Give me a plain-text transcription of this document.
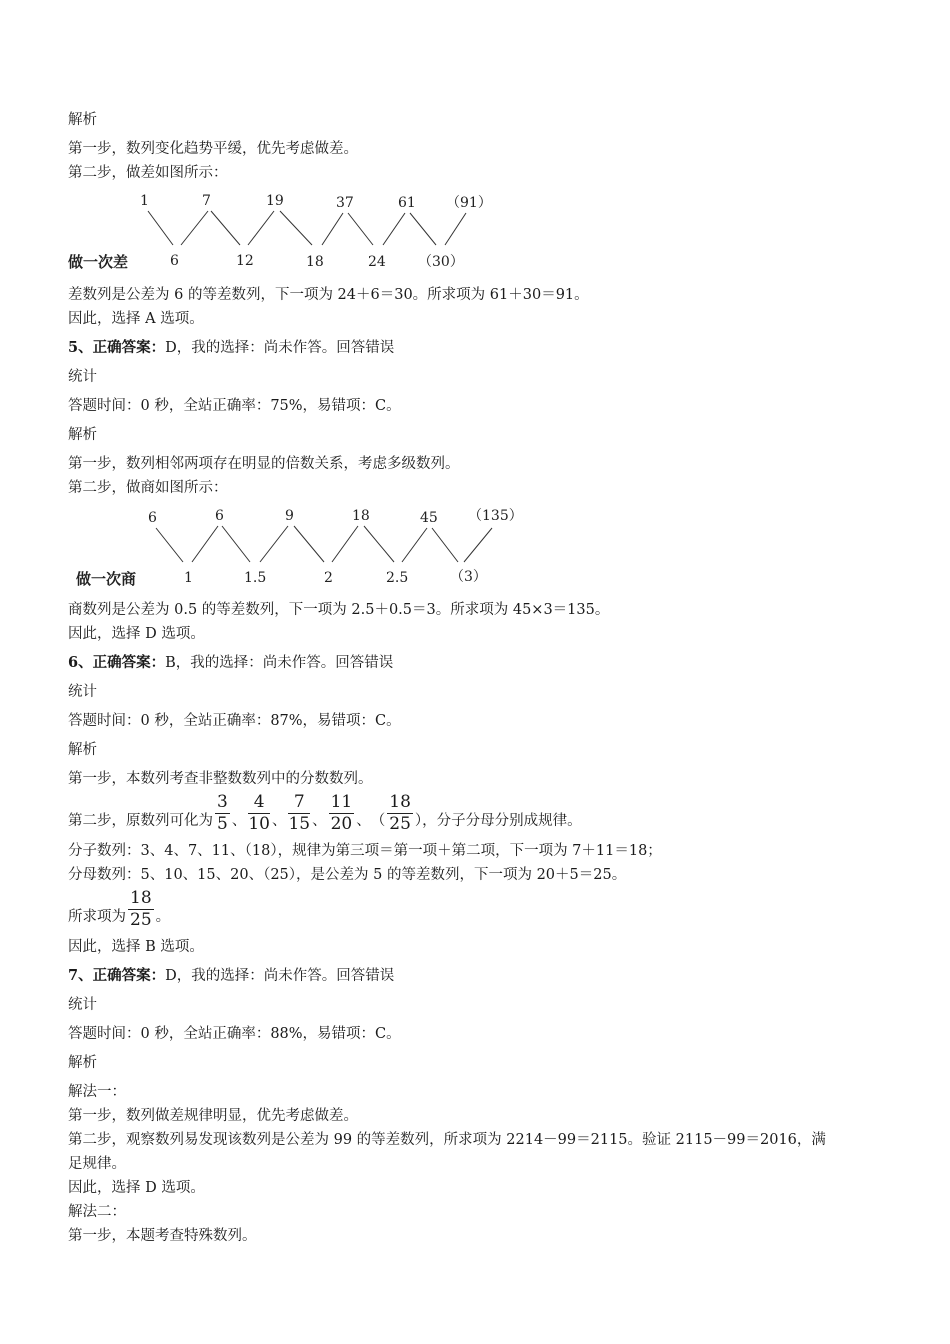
解析
第一步，数列变化趋势平缓，优先考虑做差。
第二步，做差如图所示：
1	7	19	37	61 （91）
做一次差	6	12	18	24 （30）
差数列是公差为 6 的等差数列，下一项为 24＋6＝30。所求项为 61＋30＝91。
因此，选择 A 选项。
5、正确答案：D，我的选择：尚未作答。回答错误
统计
答题时间：0 秒，全站正确率：75%，易错项：C。
解析
第一步，数列相邻两项存在明显的倍数关系，考虑多级数列。
第二步，做商如图所示：
6	6	9	18	45 （135）
做一次商	1	1.5	2	2.5	（3）
商数列是公差为 0.5 的等差数列，下一项为 2.5＋0.5＝3。所求项为 45×3＝135。
因此，选择 D 选项。
6、正确答案：B，我的选择：尚未作答。回答错误
统计
答题时间：0 秒，全站正确率：87%，易错项：C。
解析
第一步，本数列考查非整数数列中的分数数列。
第二步，原数列可化为 $\frac{3}{5}$ 、 $\frac{4}{10}$ 、 $\frac{7}{15}$ 、 $\frac{11}{20}$ 、 （ $\frac{18}{25}$ ），分子分母分别成规律。
分子数列：3、4、7、11、（18），规律为第三项＝第一项＋第二项，下一项为 7＋11＝18；
分母数列：5、10、15、20、（25），是公差为 5 的等差数列，下一项为 20＋5＝25。
所求项为 $\frac{18}{25}$ 。
因此，选择 B 选项。
7、正确答案：D，我的选择：尚未作答。回答错误
统计
答题时间：0 秒，全站正确率：88%，易错项：C。
解析
解法一：
第一步，数列做差规律明显，优先考虑做差。
第二步，观察数列易发现该数列是公差为 99 的等差数列，所求项为 2214－99＝2115。验证 2115－99＝2016，满
足规律。
因此，选择 D 选项。
解法二：
第一步，本题考查特殊数列。
